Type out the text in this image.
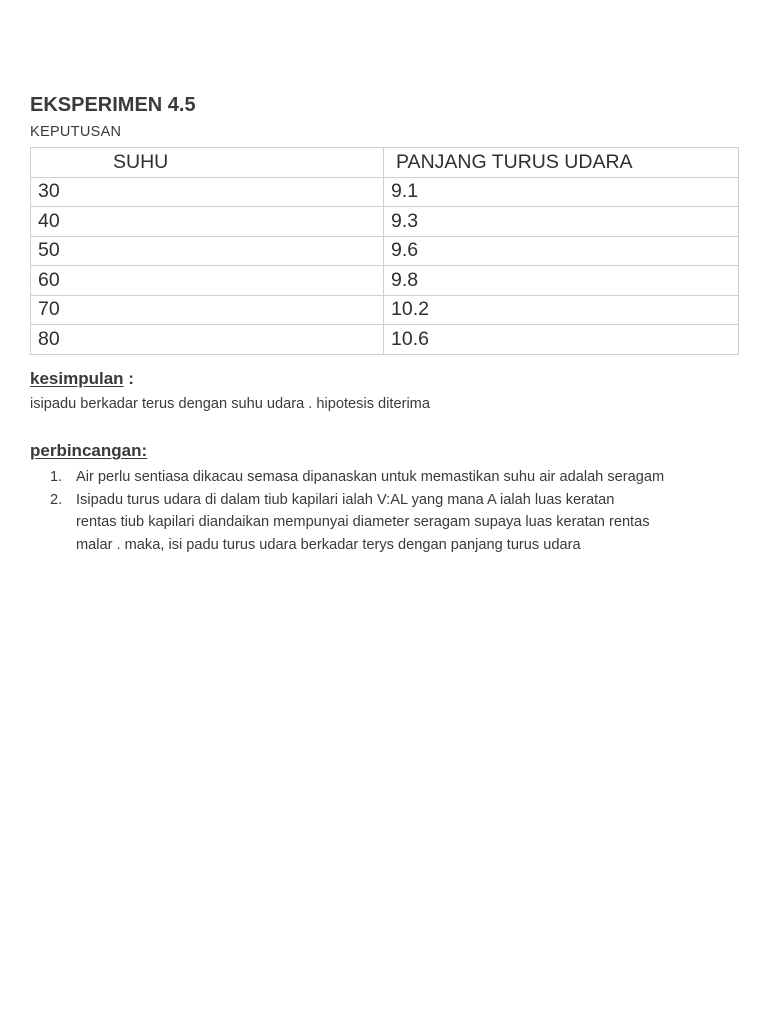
EKSPERIMEN 4.5
KEPUTUSAN
SUHU	PANJANG TURUS UDARA
30	9.1
40	9.3
50	9.6
60	9.8
70	10.2
80	10.6
kesimpulan :
isipadu berkadar terus dengan suhu udara . hipotesis diterima
perbincangan:
1. Air perlu sentiasa dikacau semasa dipanaskan untuk memastikan suhu air adalah seragam
2. Isipadu turus udara di dalam tiub kapilari ialah V:AL yang mana A ialah luas keratan
rentas tiub kapilari diandaikan mempunyai diameter seragam supaya luas keratan rentas
malar . maka, isi padu turus udara berkadar terys dengan panjang turus udara
